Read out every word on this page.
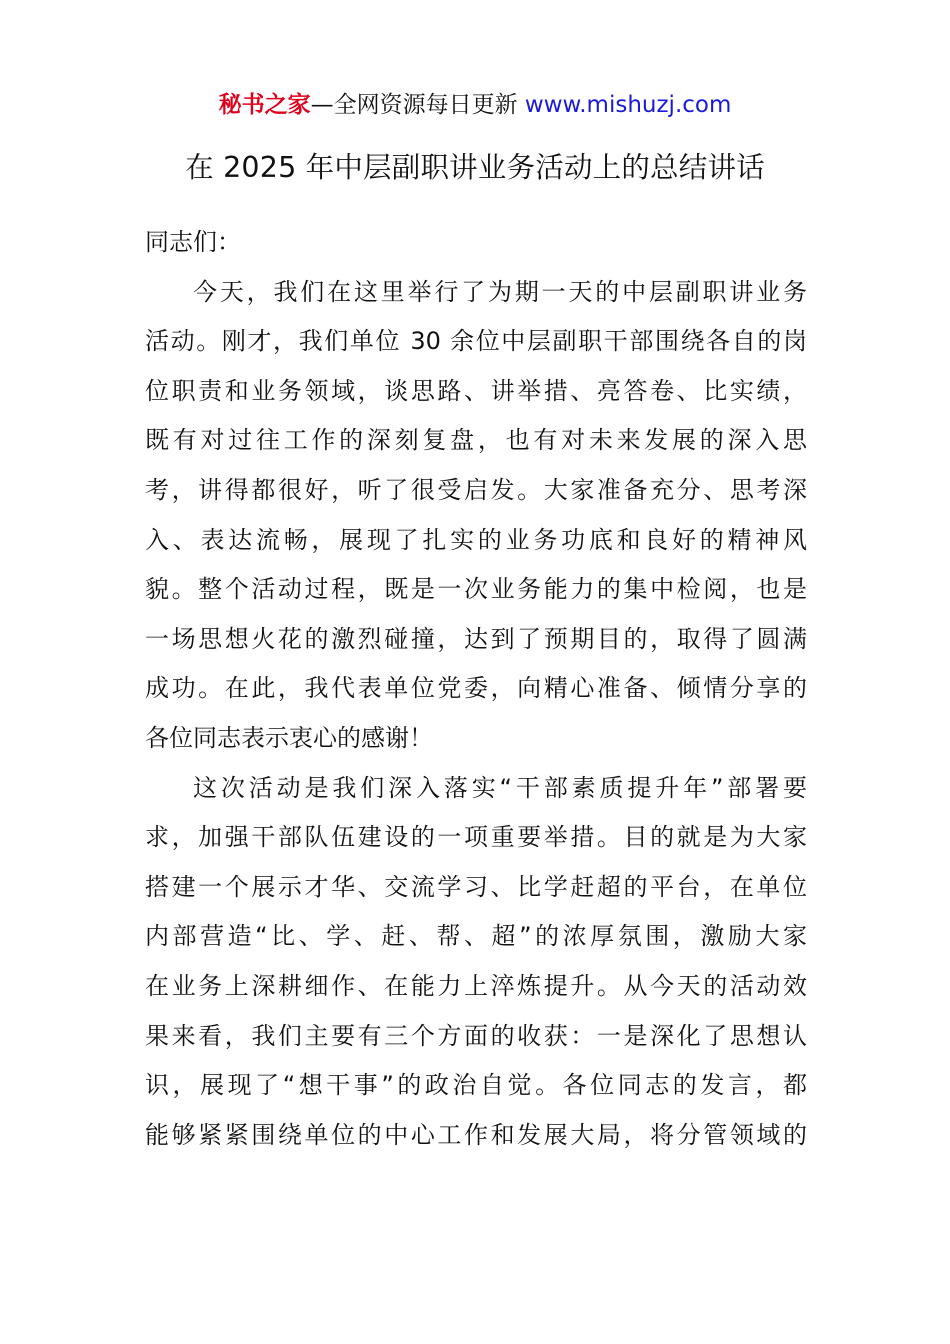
秘书之家—全网资源每日更新 www.mishuzj.com
在 2025 年中层副职讲业务活动上的总结讲话
同志们：
今天，我们在这里举行了为期一天的中层副职讲业务
活动。刚才，我们单位 30 余位中层副职干部围绕各自的岗
位职责和业务领域，谈思路、讲举措、亮答卷、比实绩，
既有对过往工作的深刻复盘，也有对未来发展的深入思
考，讲得都很好，听了很受启发。大家准备充分、思考深
入、表达流畅，展现了扎实的业务功底和良好的精神风
貌。整个活动过程，既是一次业务能力的集中检阅，也是
一场思想火花的激烈碰撞，达到了预期目的，取得了圆满
成功。在此，我代表单位党委，向精心准备、倾情分享的
各位同志表示衷心的感谢！
这次活动是我们深入落实“干部素质提升年”部署要
求，加强干部队伍建设的一项重要举措。目的就是为大家
搭建一个展示才华、交流学习、比学赶超的平台，在单位
内部营造“比、学、赶、帮、超”的浓厚氛围，激励大家
在业务上深耕细作、在能力上淬炼提升。从今天的活动效
果来看，我们主要有三个方面的收获：一是深化了思想认
识，展现了“想干事”的政治自觉。各位同志的发言，都
能够紧紧围绕单位的中心工作和发展大局，将分管领域的
